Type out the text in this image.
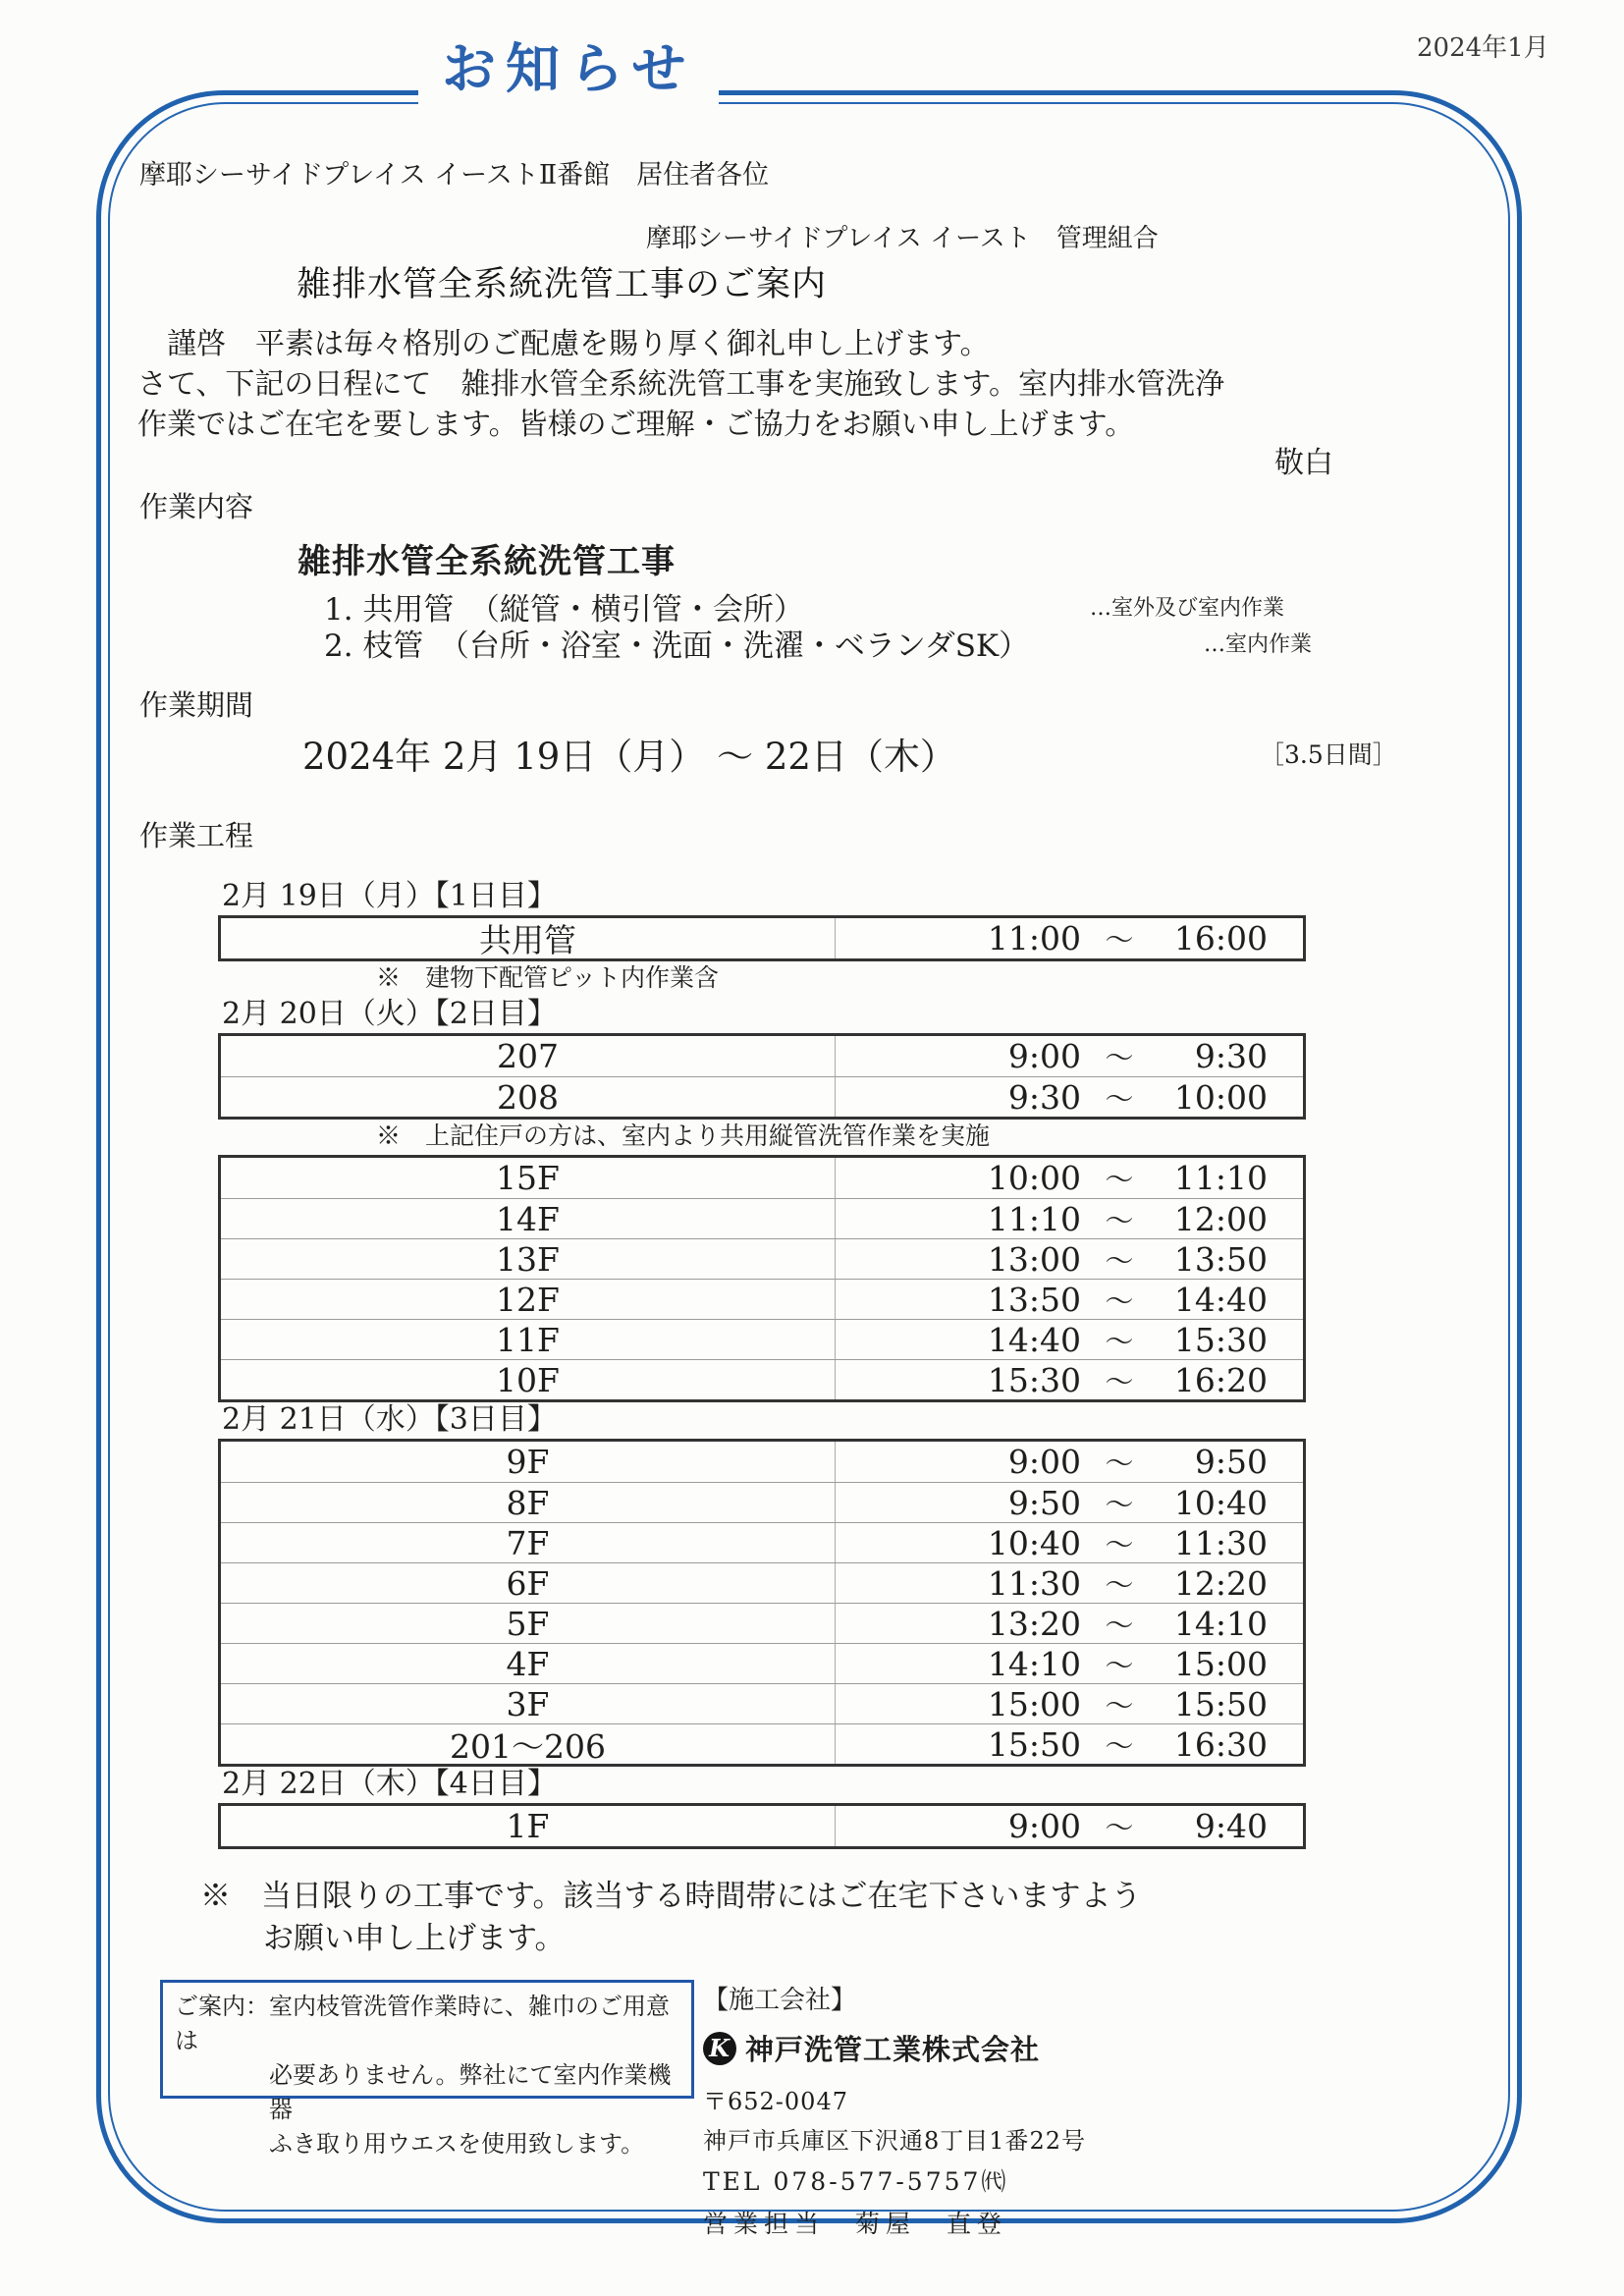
お知らせ	2024年1月
摩耶シーサイドプレイス イーストⅡ番館　居住者各位
摩耶シーサイドプレイス イースト　管理組合
雑排水管全系統洗管工事のご案内
　謹啓　平素は毎々格別のご配慮を賜り厚く御礼申し上げます。
さて、下記の日程にて　雑排水管全系統洗管工事を実施致します。室内排水管洗浄
作業ではご在宅を要します。皆様のご理解・ご協力をお願い申し上げます。
敬白
作業内容
雑排水管全系統洗管工事
1. 共用管　（縦管・横引管・会所）	…室外及び室内作業
2. 枝管　（台所・浴室・洗面・洗濯・ベランダSK）	…室内作業
作業期間
2024年 2月 19日（月） ～ 22日（木）	［3.5日間］
作業工程
2月 19日（月）【1日目】
共用管	11:00 ～	16:00
※　建物下配管ピット内作業含
2月 20日（火）【2日目】
207	9:00 ～	9:30
208	9:30 ～	10:00
※　上記住戸の方は、室内より共用縦管洗管作業を実施
15F	10:00 ～	11:10
14F	11:10 ～	12:00
13F	13:00 ～	13:50
12F	13:50 ～	14:40
11F	14:40 ～	15:30
10F	15:30 ～	16:20
2月 21日（水）【3日目】
9F	9:00 ～	9:50
8F	9:50 ～	10:40
7F	10:40 ～	11:30
6F	11:30 ～	12:20
5F	13:20 ～	14:10
4F	14:10 ～	15:00
3F	15:00 ～	15:50
201～206	15:50 ～	16:30
2月 22日（木）【4日目】
1F	9:00 ～	9:40
※　当日限りの工事です。該当する時間帯にはご在宅下さいますよう
お願い申し上げます。
ご案内：室内枝管洗管作業時に、雑巾のご用意は
必要ありません。弊社にて室内作業機器
ふき取り用ウエスを使用致します。
【施工会社】
K 神戸洗管工業株式会社
〒652-0047
神戸市兵庫区下沢通8丁目1番22号
TEL 078-577-5757㈹
営業担当　菊屋　直登
